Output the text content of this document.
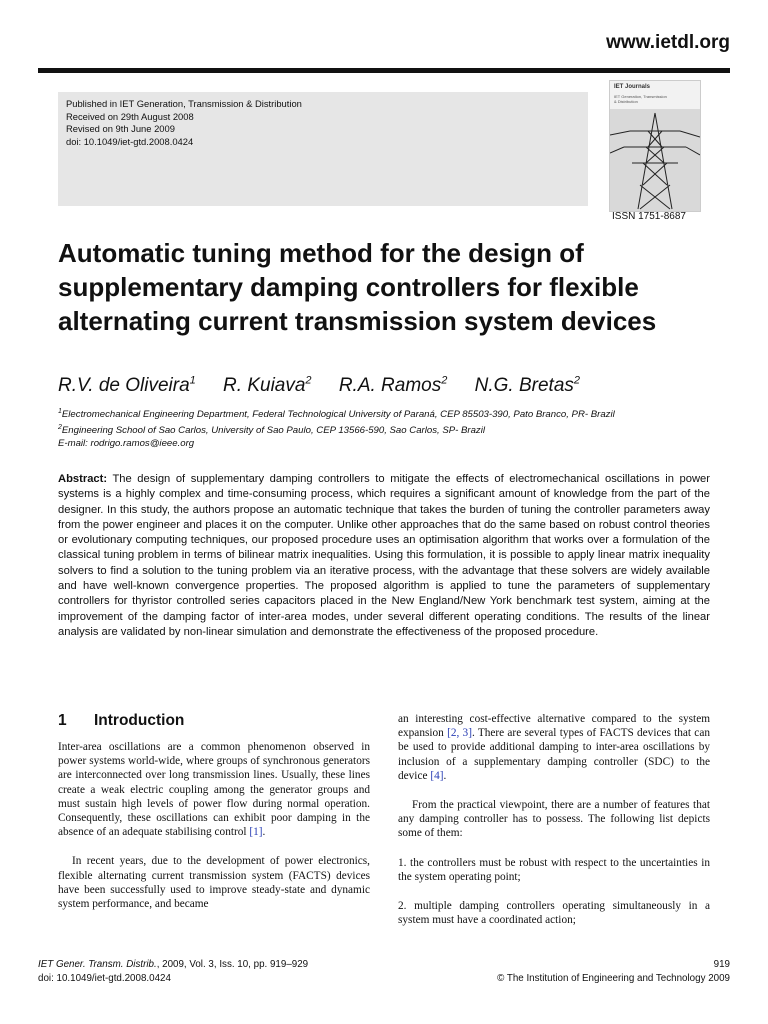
www.ietdl.org
Published in IET Generation, Transmission & Distribution
Received on 29th August 2008
Revised on 9th June 2009
doi: 10.1049/iet-gtd.2008.0424
IET Journals
IET Generation, Transmission
& Distribution
ISSN 1751-8687
Automatic tuning method for the design of supplementary damping controllers for flexible alternating current transmission system devices
R.V. de Oliveira$^1$ R. Kuiava$^2$ R.A. Ramos$^2$ N.G. Bretas$^2$
$^1$Electromechanical Engineering Department, Federal Technological University of Paraná, CEP 85503-390, Pato Branco, PR- Brazil
$^2$Engineering School of Sao Carlos, University of Sao Paulo, CEP 13566-590, Sao Carlos, SP- Brazil
E-mail: rodrigo.ramos@ieee.org
Abstract: The design of supplementary damping controllers to mitigate the effects of electromechanical oscillations in power systems is a highly complex and time-consuming process, which requires a significant amount of knowledge from the part of the designer. In this study, the authors propose an automatic technique that takes the burden of tuning the controller parameters away from the power engineer and places it on the computer. Unlike other approaches that do the same based on robust control theories or evolutionary computing techniques, our proposed procedure uses an optimisation algorithm that works over a formulation of the classical tuning problem in terms of bilinear matrix inequalities. Using this formulation, it is possible to apply linear matrix inequality solvers to find a solution to the tuning problem via an iterative process, with the advantage that these solvers are widely available and have well-known convergence properties. The proposed algorithm is applied to tune the parameters of supplementary controllers for thyristor controlled series capacitors placed in the New England/New York benchmark test system, aiming at the improvement of the damping factor of inter-area modes, under several different operating conditions. The results of the linear analysis are validated by non-linear simulation and demonstrate the effectiveness of the proposed procedure.
1 Introduction

Inter-area oscillations are a common phenomenon observed in power systems world-wide, where groups of synchronous generators are interconnected over long transmission lines. Usually, these lines create a weak electric coupling among the generator groups and must sustain high levels of power flow during normal operation. Consequently, these oscillations can exhibit poor damping in the absence of an adequate stabilising control [1].

In recent years, due to the development of power electronics, flexible alternating current transmission system (FACTS) devices have been successfully used to improve steady-state and dynamic system performance, and became

an interesting cost-effective alternative compared to the system expansion [2, 3]. There are several types of FACTS devices that can be used to provide additional damping to inter-area oscillations by inclusion of a supplementary damping controller (SDC) to the device [4].

From the practical viewpoint, there are a number of features that any damping controller has to possess. The following list depicts some of them:

1. the controllers must be robust with respect to the uncertainties in the system operating point;

2. multiple damping controllers operating simultaneously in a system must have a coordinated action;

IET Gener. Transm. Distrib., 2009, Vol. 3, Iss. 10, pp. 919–929
doi: 10.1049/iet-gtd.2008.0424
919
© The Institution of Engineering and Technology 2009
